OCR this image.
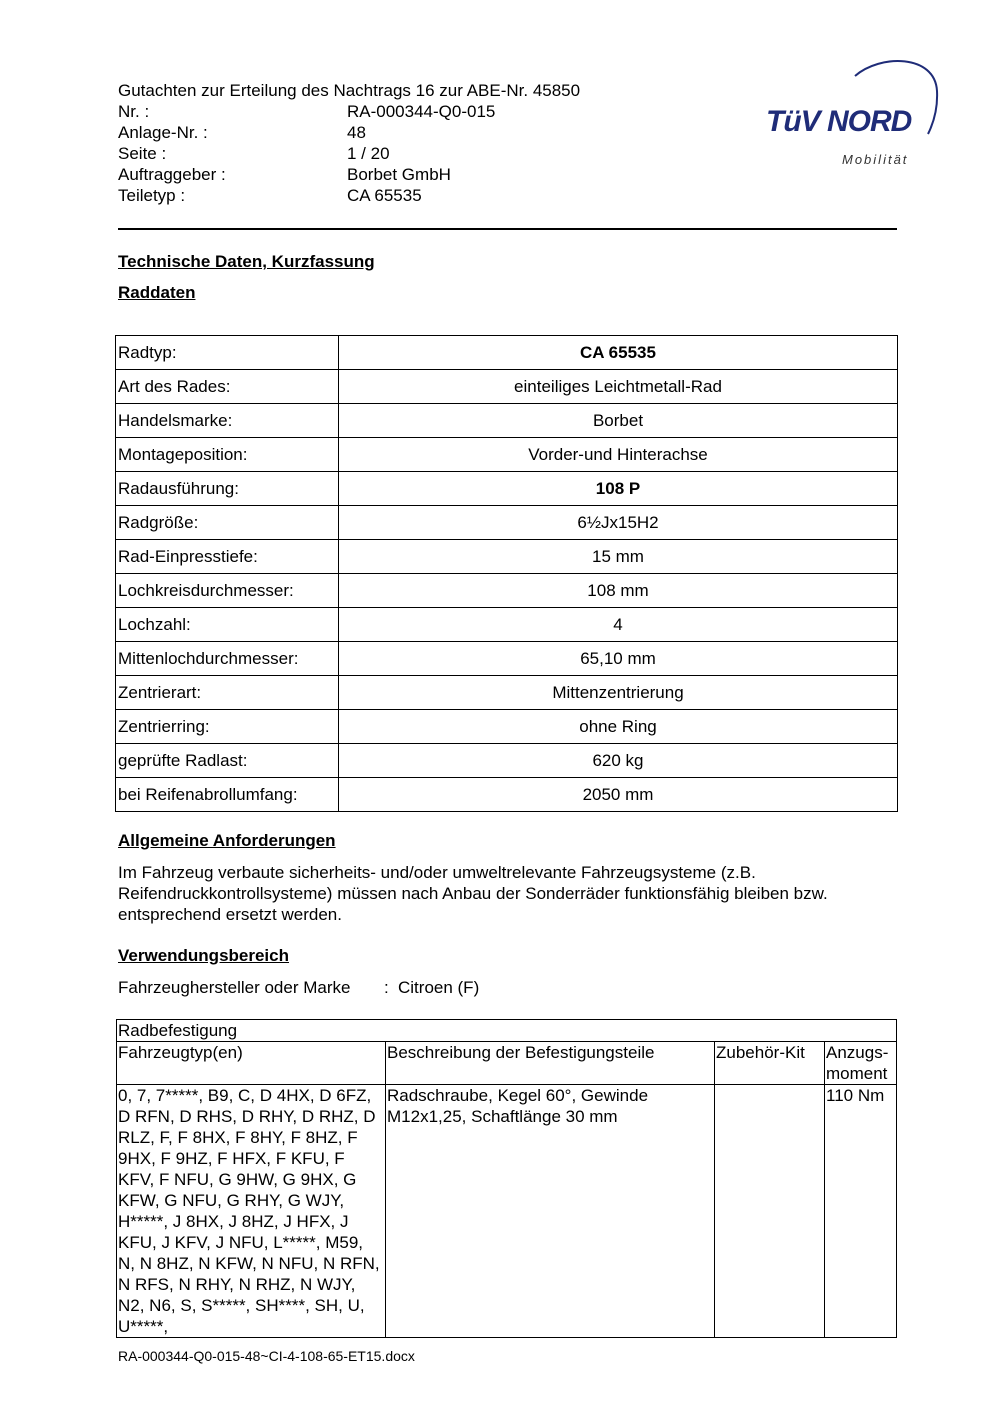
Gutachten zur Erteilung des Nachtrags 16 zur ABE-Nr. 45850
Nr. :	RA-000344-Q0-015
Anlage-Nr. :	48
Seite :	1 / 20
Auftraggeber :	Borbet GmbH
Teiletyp :	CA 65535
TüV NORD
Mobilität
Technische Daten, Kurzfassung
Raddaten
Radtyp:	CA 65535
Art des Rades:	einteiliges Leichtmetall-Rad
Handelsmarke:	Borbet
Montageposition:	Vorder-und Hinterachse
Radausführung:	108 P
Radgröße:	6½Jx15H2
Rad-Einpresstiefe:	15 mm
Lochkreisdurchmesser:	108 mm
Lochzahl:	4
Mittenlochdurchmesser:	65,10 mm
Zentrierart:	Mittenzentrierung
Zentrierring:	ohne Ring
geprüfte Radlast:	620 kg
bei Reifenabrollumfang:	2050 mm
Allgemeine Anforderungen
Im Fahrzeug verbaute sicherheits- und/oder umweltrelevante Fahrzeugsysteme (z.B. Reifendruckkontrollsysteme) müssen nach Anbau der Sonderräder funktionsfähig bleiben bzw. entsprechend ersetzt werden.
Verwendungsbereich
Fahrzeughersteller oder Marke : Citroen (F)
Radbefestigung			
Fahrzeugtyp(en)	Beschreibung der Befestigungsteile	Zubehör-Kit	Anzugs-
moment
0, 7, 7*****, B9, C, D 4HX, D 6FZ, D RFN, D RHS, D RHY, D RHZ, D RLZ, F, F 8HX, F 8HY, F 8HZ, F 9HX, F 9HZ, F HFX, F KFU, F KFV, F NFU, G 9HW, G 9HX, G KFW, G NFU, G RHY, G WJY, H*****, J 8HX, J 8HZ, J HFX, J KFU, J KFV, J NFU, L*****, M59, N, N 8HZ, N KFW, N NFU, N RFN, N RFS, N RHY, N RHZ, N WJY, N2, N6, S, S*****, SH****, SH, U, U*****,	Radschraube, Kegel 60°, Gewinde M12x1,25, Schaftlänge 30 mm		110 Nm
RA-000344-Q0-015-48~CI-4-108-65-ET15.docx
